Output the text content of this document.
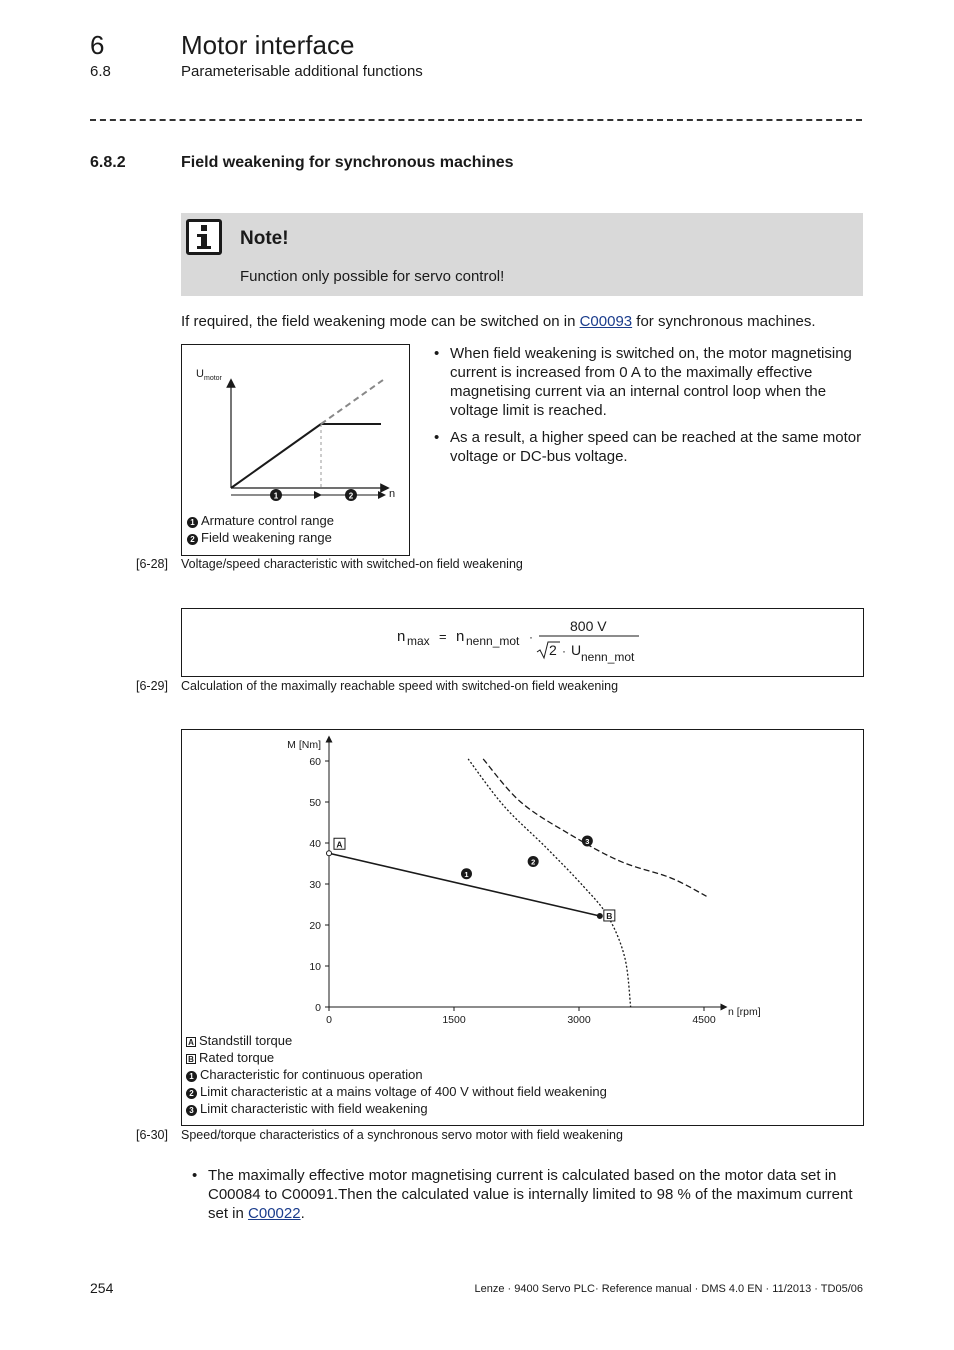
6	Motor interface
6.8	Parameterisable additional functions
6.8.2	Field weakening for synchronous machines
Note!
Function only possible for servo control!
If required, the field weakening mode can be switched on in C00093 for synchronous machines.
U motor
n
1	2
1 Armature control range
2 Field weakening range
• When field weakening is switched on, the motor magnetising current is increased from 0 A to the maximally effective magnetising current via an internal control loop when the voltage limit is reached.
• As a result, a higher speed can be reached at the same motor voltage or DC-bus voltage.
[6-28] Voltage/speed characteristic with switched-on field weakening
n max = n nenn_mot ·
800 V
2 · U nenn_mot
[6-29] Calculation of the maximally reachable speed with switched-on field weakening
M [Nm]
n [rpm]
0
10
20
30
40
50
60
0	1500	3000	4500
1
2
3
A
B
A Standstill torque
B Rated torque
1 Characteristic for continuous operation
2 Limit characteristic at a mains voltage of 400 V without field weakening
3 Limit characteristic with field weakening
[6-30] Speed/torque characteristics of a synchronous servo motor with field weakening
• The maximally effective motor magnetising current is calculated based on the motor data set in C00084 to C00091.Then the calculated value is internally limited to 98 % of the maximum current set in C00022.
254	Lenze · 9400 Servo PLC· Reference manual · DMS 4.0 EN · 11/2013 · TD05/06
